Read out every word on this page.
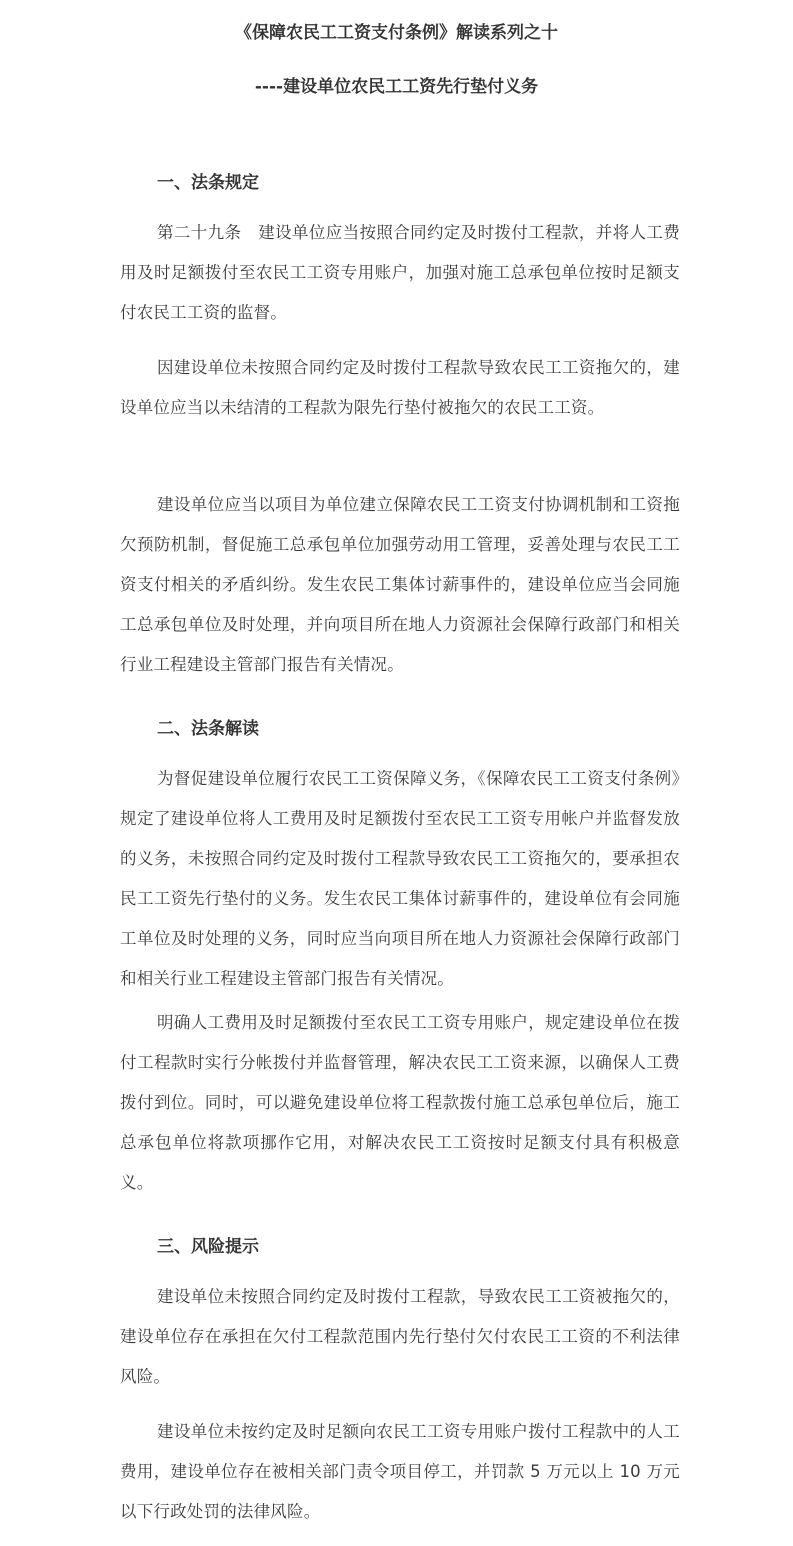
《保障农民工工资支付条例》解读系列之十
----建设单位农民工工资先行垫付义务
一、法条规定
第二十九条　建设单位应当按照合同约定及时拨付工程款，并将人工费用及时足额拨付至农民工工资专用账户，加强对施工总承包单位按时足额支付农民工工资的监督。
因建设单位未按照合同约定及时拨付工程款导致农民工工资拖欠的，建设单位应当以未结清的工程款为限先行垫付被拖欠的农民工工资。
建设单位应当以项目为单位建立保障农民工工资支付协调机制和工资拖欠预防机制，督促施工总承包单位加强劳动用工管理，妥善处理与农民工工资支付相关的矛盾纠纷。发生农民工集体讨薪事件的，建设单位应当会同施工总承包单位及时处理，并向项目所在地人力资源社会保障行政部门和相关行业工程建设主管部门报告有关情况。
二、法条解读
为督促建设单位履行农民工工资保障义务，《保障农民工工资支付条例》规定了建设单位将人工费用及时足额拨付至农民工工资专用帐户并监督发放的义务，未按照合同约定及时拨付工程款导致农民工工资拖欠的，要承担农民工工资先行垫付的义务。发生农民工集体讨薪事件的，建设单位有会同施工单位及时处理的义务，同时应当向项目所在地人力资源社会保障行政部门和相关行业工程建设主管部门报告有关情况。
明确人工费用及时足额拨付至农民工工资专用账户，规定建设单位在拨付工程款时实行分帐拨付并监督管理，解决农民工工资来源，以确保人工费拨付到位。同时，可以避免建设单位将工程款拨付施工总承包单位后，施工总承包单位将款项挪作它用，对解决农民工工资按时足额支付具有积极意义。
三、风险提示
建设单位未按照合同约定及时拨付工程款，导致农民工工资被拖欠的，建设单位存在承担在欠付工程款范围内先行垫付欠付农民工工资的不利法律风险。
建设单位未按约定及时足额向农民工工资专用账户拨付工程款中的人工费用，建设单位存在被相关部门责令项目停工，并罚款 5 万元以上 10 万元以下行政处罚的法律风险。
